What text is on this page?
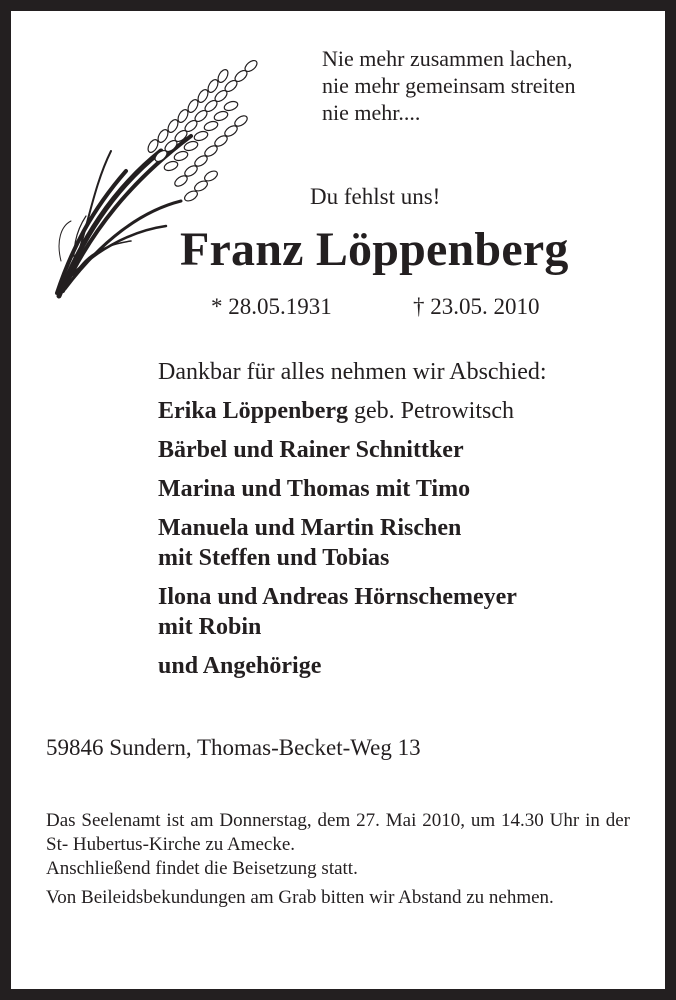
Nie mehr zusammen lachen,
nie mehr gemeinsam streiten
nie mehr....
Du fehlst uns!
Franz Löppenberg
* 28.05.1931	† 23.05. 2010
Dankbar für alles nehmen wir Abschied:
Erika Löppenberg geb. Petrowitsch
Bärbel und Rainer Schnittker
Marina und Thomas mit Timo
Manuela und Martin Rischen
mit Steffen und Tobias
Ilona und Andreas Hörnschemeyer
mit Robin
und Angehörige
59846 Sundern, Thomas-Becket-Weg 13

Das Seelenamt ist am Donnerstag, dem 27. Mai 2010, um 14.30 Uhr in der St- Hubertus-Kirche zu Amecke.
Anschließend findet die Beisetzung statt.

Von Beileidsbekundungen am Grab bitten wir Abstand zu nehmen.
